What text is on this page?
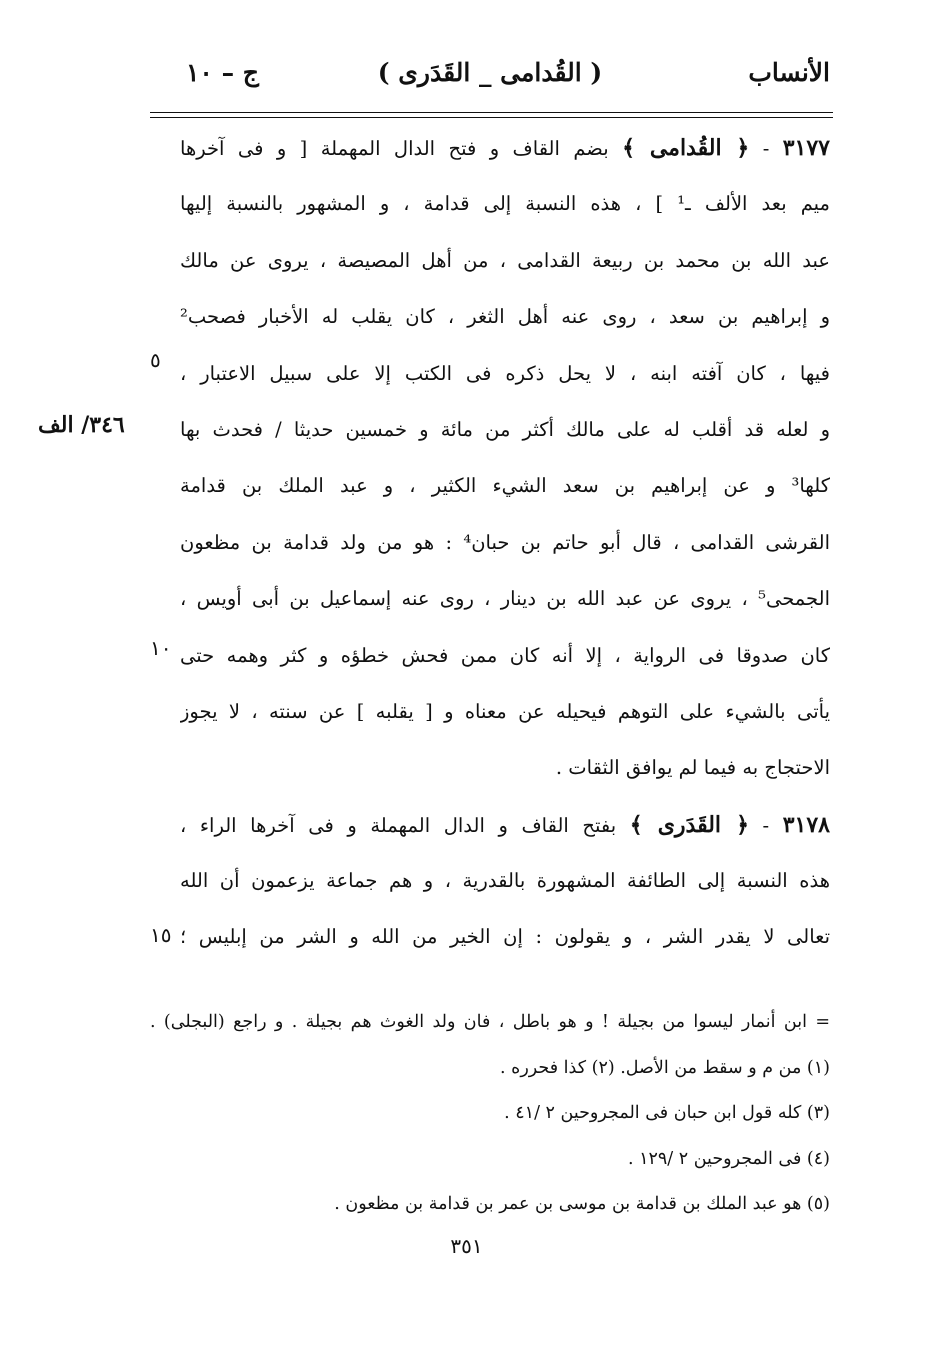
الأنساب
( القُدامى _ القَدَرى )
ج – ١٠
٣١٧٧ - ﴿ القُدامى ﴾ بضم القاف و فتح الدال المهملة [ و فى آخرها
ميم بعد الألف ـ¹ ] ، هذه النسبة إلى قدامة ، و المشهور بالنسبة إليها
عبد الله بن محمد بن ربيعة القدامى ، من أهل المصيصة ، يروى عن مالك
و إبراهيم بن سعد ، روى عنه أهل الثغر ، كان يقلب له الأخبار فصحب²
فيها ، كان آفته ابنه ، لا يحل ذكره فى الكتب إلا على سبيل الاعتبار ،
و لعله قد أقلب له على مالك أكثر من مائة و خمسين حديثا / فحدث بها
كلها³ و عن إبراهيم بن سعد الشيء الكثير ، و عبد الملك بن قدامة
القرشى القدامى ، قال أبو حاتم بن حبان⁴ : هو من ولد قدامة بن مظعون
الجمحى⁵ ، يروى عن عبد الله بن دينار ، روى عنه إسماعيل بن أبى أويس ،
كان صدوقا فى الرواية ، إلا أنه كان ممن فحش خطؤه و كثر وهمه حتى
يأتى بالشيء على التوهم فيحيله عن معناه و [ يقلبه ] عن سنته ، لا يجوز
الاحتجاج به فيما لم يوافق الثقات .
٣١٧٨ - ﴿ القَدَرى ﴾ بفتح القاف و الدال المهملة و فى آخرها الراء ،
هذه النسبة إلى الطائفة المشهورة بالقدرية ، و هم جماعة يزعمون أن الله
تعالى لا يقدر الشر ، و يقولون : إن الخير من الله و الشر من إبليس ؛
٥
١٠
١٥
٣٤٦/ الف
= ابن أنمار ليسوا من بجيلة ! و هو باطل ، فان ولد الغوث هم بجيلة . و راجع (البجلى) .
(١) من م و سقط من الأصل. (٢) كذا فحرره .
(٣) كله قول ابن حبان فى المجروحين ٢ /٤١ .
(٤) فى المجروحين ٢ /١٢٩ .
(٥) هو عبد الملك بن قدامة بن موسى بن عمر بن قدامة بن مظعون .
٣٥١
